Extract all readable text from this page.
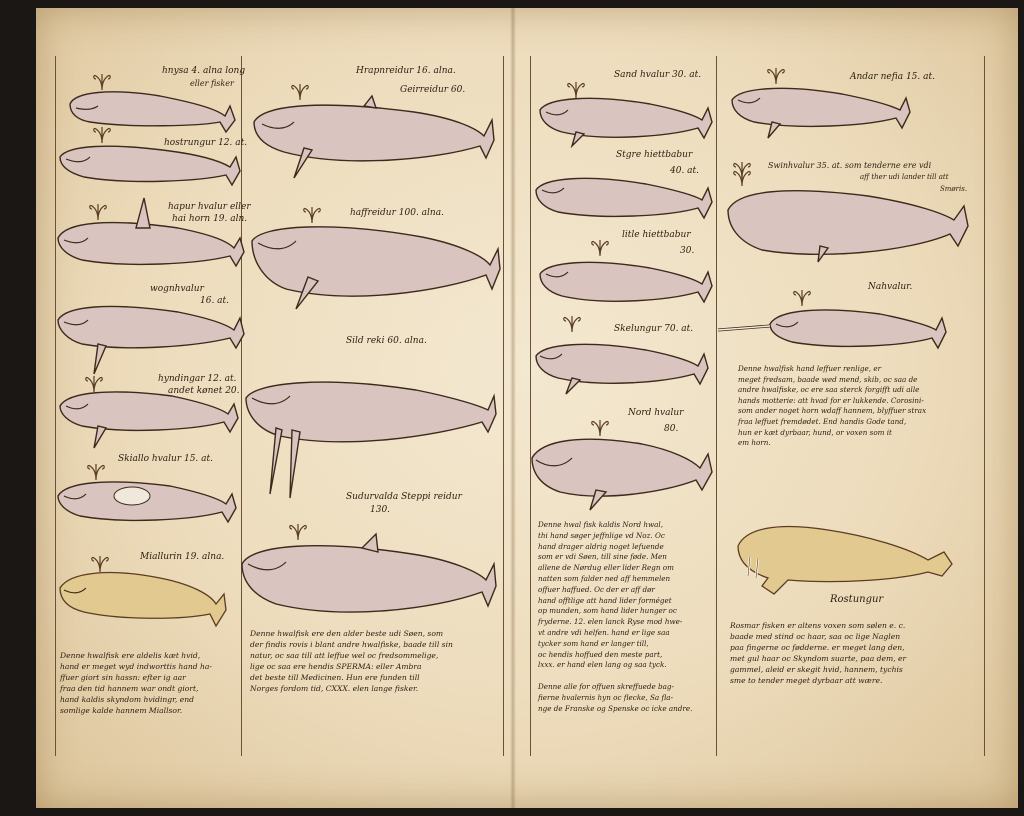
hnysa 4. alna long
eller fisker
hostrungur 12. at.
hapur hvalur eller
hai horn 19. aln.
wognhvalur
16. at.
hyndingar 12. at.
andet kønet 20.
Skiallo hvalur 15. at.
Miallurin 19. alna.
Denne hwalfisk ere aldelis kæt hvid,
hand er meget wyd indworttis hand ha-
ffuer giort sin hassn: efter ig aar
fraa den tid hannem war ondt giort,
hand kaldis skyndom hvidingr, end
somlige kalde hannem Miallsor.
Hrapnreidur 16. alna.
Geirreidur 60.
haffreidur 100. alna.
Sild reki 60. alna.
Sudurvalda Steppi reidur
130.
Denne hwalfisk ere den alder beste udi Søen, som
der findis rovis i blant andre hwalfiske, baade till sin
natur, oc saa till att leffue wel oc fredsommelige,
lige oc saa ere hendis SPERMA: eller Ambra
det beste till Medicinen. Hun ere funden till
Norges fordom tid, CXXX. elen lange fisker.
Sand hvalur 30. at.
Stgre hiettbabur
40. at.
litle hiettbabur
30.
Skelungur 70. at.
Nord hvalur
80.
Denne hwal fisk kaldis Nord hwal,
thi hand søger jeffnlige vd Noz. Oc
hand drager aldrig noget lefuende
som er vdi Søen, till sine føde. Men
allene de Nørdug eller lider Regn om
natten som falder ned aff hemmelen
offuer haffued. Oc der er aff dør
hand offtlige att hand lider forméget
op munden, som hand lider hunger oc
fryderne. 12. elen lanck Ryse mod hwe-
vt andre vdi helfen. hand er lige saa
tycker som hand er langer till,
oc hendis hoffued den meste part,
lxxx. er hand elen lang og saa tyck.

Denne alle for offuen skreffuede bag-
fierne hvalernis hyn oc flecke, Sa fla-
nge de Franske og Spenske oc icke andre.
Andar nefia 15. at.
Swinhvalur 35. at. som tenderne ere vdi
aff ther udi lander till att
Smøris.
Nahvalur.
Denne hwalfisk hand leffuer renlige, er
meget fredsam, baade wed mend, skib, oc saa de
andre hwalfiske, oc ere saa sterck forgifft udi alle
hands motterie: att hvad for er lukkende. Corosini-
som ander noget horn wdaff hannem, blyffuer strax
fraa leffuet fremdødet. End handis Gode tand,
hun er kæt dyrbaar, hund, or voxen som it
em horn.
Rostungur
Rosmar fisken er altens voxen som sølen e. c.
baade med stind oc haar, saa oc lige Naglen
paa fingerne oc fødderne. er meget lang den,
met gul haar oc Skyndom suarte, paa dem, er
gammel, aleid er skegit hvid, hannem, tychis
sme to tender meget dyrbaar att wære.
